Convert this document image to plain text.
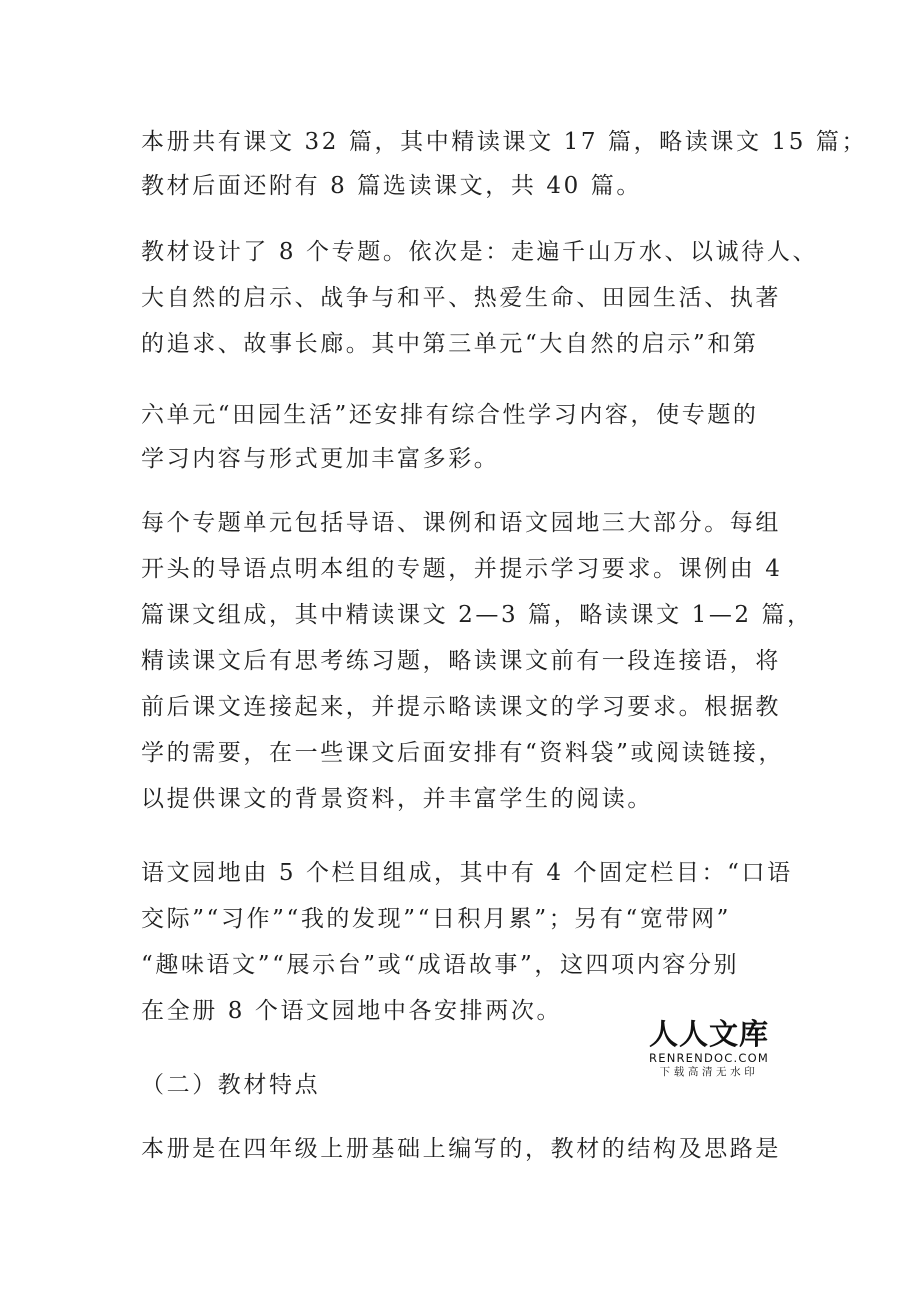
本册共有课文 32 篇，其中精读课文 17 篇，略读课文 15 篇；
教材后面还附有 8 篇选读课文，共 40 篇。
教材设计了 8 个专题。依次是：走遍千山万水、以诚待人、
大自然的启示、战争与和平、热爱生命、田园生活、执著
的追求、故事长廊。其中第三单元“大自然的启示”和第
六单元“田园生活”还安排有综合性学习内容，使专题的
学习内容与形式更加丰富多彩。
每个专题单元包括导语、课例和语文园地三大部分。每组
开头的导语点明本组的专题，并提示学习要求。课例由 4
篇课文组成，其中精读课文 2—3 篇，略读课文 1—2 篇，
精读课文后有思考练习题，略读课文前有一段连接语，将
前后课文连接起来，并提示略读课文的学习要求。根据教
学的需要，在一些课文后面安排有“资料袋”或阅读链接，
以提供课文的背景资料，并丰富学生的阅读。
语文园地由 5 个栏目组成，其中有 4 个固定栏目：“口语
交际”“习作”“我的发现”“日积月累”；另有“宽带网”
“趣味语文”“展示台”或“成语故事”，这四项内容分别
在全册 8 个语文园地中各安排两次。
（二）教材特点
本册是在四年级上册基础上编写的，教材的结构及思路是
人人文库
RENRENDOC.COM
下载高清无水印
